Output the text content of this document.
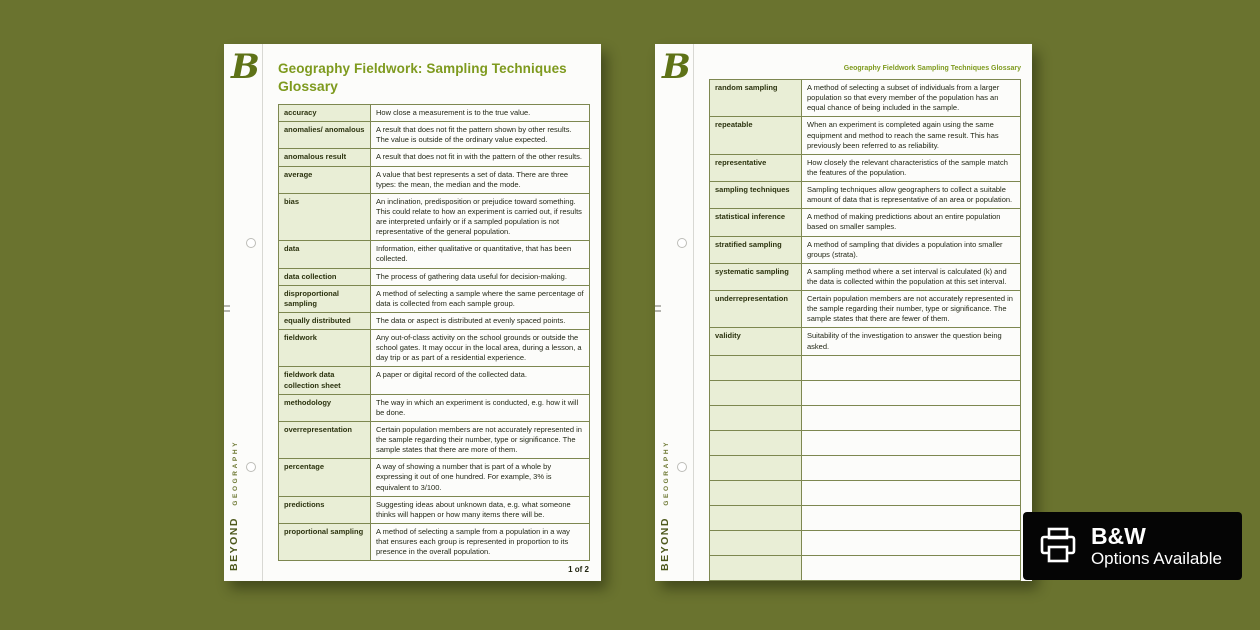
B
BEYOND GEOGRAPHY
Geography Fieldwork: Sampling Techniques
Glossary
accuracy	How close a measurement is to the true value.
anomalies/ anomalous	A result that does not fit the pattern shown by other results. The value is outside of the ordinary value expected.
anomalous result	A result that does not fit in with the pattern of the other results.
average	A value that best represents a set of data. There are three types: the mean, the median and the mode.
bias	An inclination, predisposition or prejudice toward something. This could relate to how an experiment is carried out, if results are interpreted unfairly or if a sampled population is not representative of the general population.
data	Information, either qualitative or quantitative, that has been collected.
data collection	The process of gathering data useful for decision-making.
disproportional sampling	A method of selecting a sample where the same percentage of data is collected from each sample group.
equally distributed	The data or aspect is distributed at evenly spaced points.
fieldwork	Any out-of-class activity on the school grounds or outside the school gates. It may occur in the local area, during a lesson, a day trip or as part of a residential experience.
fieldwork data collection sheet	A paper or digital record of the collected data.
methodology	The way in which an experiment is conducted, e.g. how it will be done.
overrepresentation	Certain population members are not accurately represented in the sample regarding their number, type or significance. The sample states that there are more of them.
percentage	A way of showing a number that is part of a whole by expressing it out of one hundred. For example, 3% is equivalent to 3/100.
predictions	Suggesting ideas about unknown data, e.g. what someone thinks will happen or how many items there will be.
proportional sampling	A method of selecting a sample from a population in a way that ensures each group is represented in proportion to its presence in the overall population.
1 of 2
B
BEYOND GEOGRAPHY
Geography Fieldwork Sampling Techniques Glossary
random sampling	A method of selecting a subset of individuals from a larger population so that every member of the population has an equal chance of being included in the sample.
repeatable	When an experiment is completed again using the same equipment and method to reach the same result. This has previously been referred to as reliability.
representative	How closely the relevant characteristics of the sample match the features of the population.
sampling techniques	Sampling techniques allow geographers to collect a suitable amount of data that is representative of an area or population.
statistical inference	A method of making predictions about an entire population based on smaller samples.
stratified sampling	A method of sampling that divides a population into smaller groups (strata).
systematic sampling	A sampling method where a set interval is calculated (k) and the data is collected within the population at this set interval.
underrepresentation	Certain population members are not accurately represented in the sample regarding their number, type or significance. The sample states that there are fewer of them.
validity	Suitability of the investigation to answer the question being asked.

B&W
Options Available
